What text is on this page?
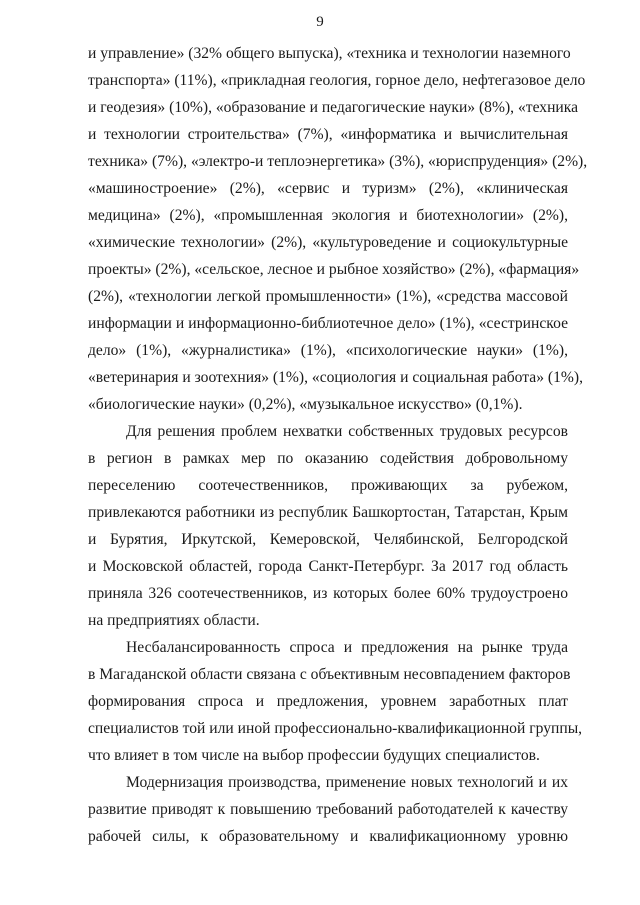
9
и управление» (32% общего выпуска), «техника и технологии наземного
транспорта» (11%), «прикладная геология, горное дело, нефтегазовое дело
и геодезия» (10%), «образование и педагогические науки» (8%), «техника
и технологии строительства» (7%), «информатика и вычислительная
техника» (7%), «электро-и теплоэнергетика» (3%), «юриспруденция» (2%),
«машиностроение» (2%), «сервис и туризм» (2%), «клиническая
медицина» (2%), «промышленная экология и биотехнологии» (2%),
«химические технологии» (2%), «культуроведение и социокультурные
проекты» (2%), «сельское, лесное и рыбное хозяйство» (2%), «фармация»
(2%), «технологии легкой промышленности» (1%), «средства массовой
информации и информационно-библиотечное дело» (1%), «сестринское
дело» (1%), «журналистика» (1%), «психологические науки» (1%),
«ветеринария и зоотехния» (1%), «социология и социальная работа» (1%),
«биологические науки» (0,2%), «музыкальное искусство» (0,1%).
Для решения проблем нехватки собственных трудовых ресурсов
в регион в рамках мер по оказанию содействия добровольному
переселению соотечественников, проживающих за рубежом,
привлекаются работники из республик Башкортостан, Татарстан, Крым
и Бурятия, Иркутской, Кемеровской, Челябинской, Белгородской
и Московской областей, города Санкт-Петербург. За 2017 год область
приняла 326 соотечественников, из которых более 60% трудоустроено
на предприятиях области.
Несбалансированность спроса и предложения на рынке труда
в Магаданской области связана с объективным несовпадением факторов
формирования спроса и предложения, уровнем заработных плат
специалистов той или иной профессионально-квалификационной группы,
что влияет в том числе на выбор профессии будущих специалистов.
Модернизация производства, применение новых технологий и их
развитие приводят к повышению требований работодателей к качеству
рабочей силы, к образовательному и квалификационному уровню
